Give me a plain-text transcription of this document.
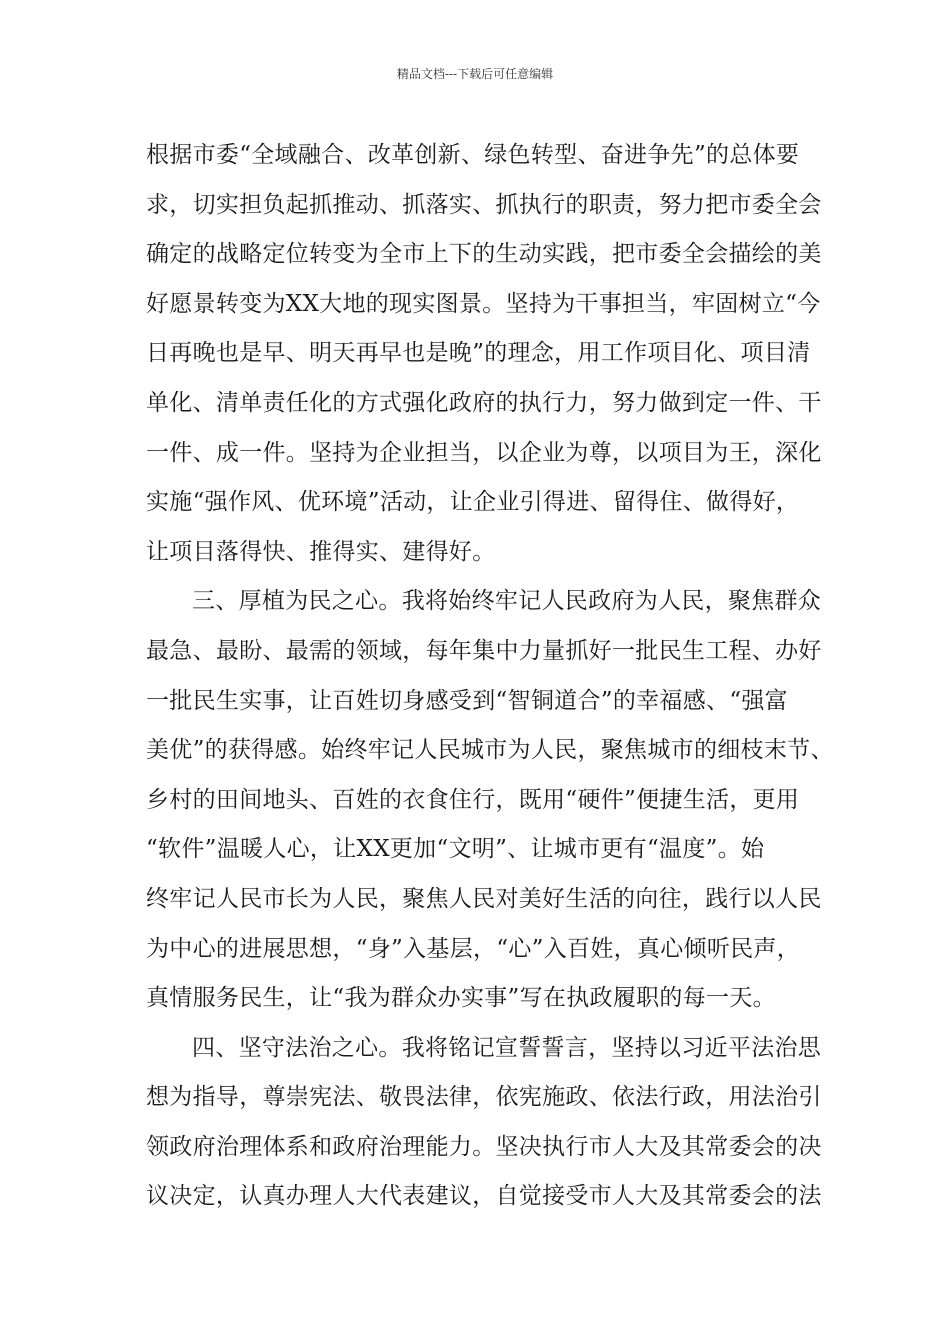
精品文档---下载后可任意编辑
根据市委“全域融合、改革创新、绿色转型、奋进争先”的总体要
求，切实担负起抓推动、抓落实、抓执行的职责，努力把市委全会
确定的战略定位转变为全市上下的生动实践，把市委全会描绘的美
好愿景转变为XX大地的现实图景。坚持为干事担当，牢固树立“今
日再晚也是早、明天再早也是晚”的理念，用工作项目化、项目清
单化、清单责任化的方式强化政府的执行力，努力做到定一件、干
一件、成一件。坚持为企业担当，以企业为尊，以项目为王，深化
实施“强作风、优环境”活动，让企业引得进、留得住、做得好，
让项目落得快、推得实、建得好。
三、厚植为民之心。我将始终牢记人民政府为人民，聚焦群众
最急、最盼、最需的领域，每年集中力量抓好一批民生工程、办好
一批民生实事，让百姓切身感受到“智铜道合”的幸福感、“强富
美优”的获得感。始终牢记人民城市为人民，聚焦城市的细枝末节、
乡村的田间地头、百姓的衣食住行，既用“硬件”便捷生活，更用
“软件”温暖人心，让XX更加“文明”、让城市更有“温度”。始
终牢记人民市长为人民，聚焦人民对美好生活的向往，践行以人民
为中心的进展思想，“身”入基层，“心”入百姓，真心倾听民声，
真情服务民生，让“我为群众办实事”写在执政履职的每一天。
四、坚守法治之心。我将铭记宣誓誓言，坚持以习近平法治思
想为指导，尊崇宪法、敬畏法律，依宪施政、依法行政，用法治引
领政府治理体系和政府治理能力。坚决执行市人大及其常委会的决
议决定，认真办理人大代表建议，自觉接受市人大及其常委会的法
